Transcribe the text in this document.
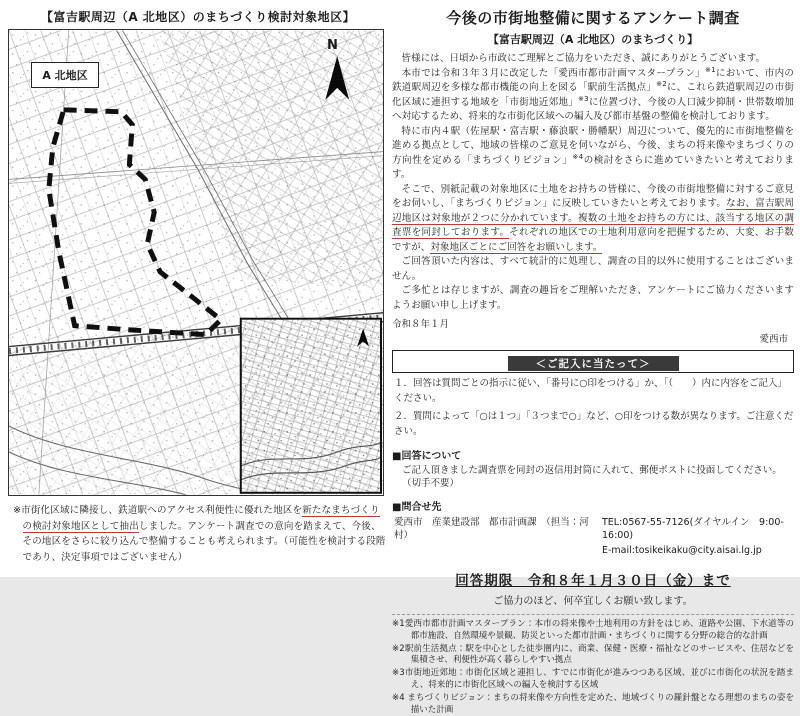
【富吉駅周辺（A 北地区）のまちづくり検討対象地区】
A 北地区
N
※市街化区域に隣接し、鉄道駅へのアクセス利便性に優れた地区を新たなまちづくりの検討対象地区として抽出しました。アンケート調査での意向を踏まえて、今後、その地区をさらに絞り込んで整備することも考えられます。（可能性を検討する段階であり、決定事項ではございません）
今後の市街地整備に関するアンケート調査
【富吉駅周辺（A 北地区）のまちづくり】

皆様には、日頃から市政にご理解とご協力をいただき、誠にありがとうございます。

本市では令和３年３月に改定した「愛西市都市計画マスタープラン」$^{※1}$において、市内の鉄道駅周辺を多様な都市機能の向上を図る「駅前生活拠点」$^{※2}$に、これら鉄道駅周辺の市街化区域に連担する地域を「市街地近郊地」$^{※3}$に位置づけ、今後の人口減少抑制・世帯数増加へ対応するため、将来的な市街化区域への編入及び都市基盤の整備を検討しております。

特に市内４駅（佐屋駅・富吉駅・藤浪駅・勝幡駅）周辺について、優先的に市街地整備を進める拠点として、地域の皆様のご意見を伺いながら、今後、まちの将来像やまちづくりの方向性を定める「まちづくりビジョン」$^{※4}$の検討をさらに進めていきたいと考えております。

そこで、別紙記載の対象地区に土地をお持ちの皆様に、今後の市街地整備に対するご意見をお伺いし、「まちづくりビジョン」に反映していきたいと考えております。なお、富吉駅周辺地区は対象地が２つに分かれています。複数の土地をお持ちの方には、該当する地区の調査票を同封しております。それぞれの地区での土地利用意向を把握するため、大変、お手数ですが、対象地区ごとにご回答をお願いします。

ご回答頂いた内容は、すべて統計的に処理し、調査の目的以外に使用することはございません。

ご多忙とは存じますが、調査の趣旨をご理解いただき、アンケートにご協力くださいますようお願い申し上げます。

令和８年１月
愛西市
＜ご記入に当たって＞
１．回答は質問ごとの指示に従い、「番号に○印をつける」か、「（　　）内に内容をご記入」ください。
２．質問によって「○は１つ」「３つまで○」など、○印をつける数が異なります。ご注意ください。
■回答について
ご記入頂きました調査票を同封の返信用封筒に入れて、郵便ポストに投函してください。（切手不要）
■問合せ先
愛西市　産業建設部　都市計画課　（担当：河村）
TEL:0567-55-7126(ダイヤルイン　9:00-16:00)
E-mail:tosikeikaku@city.aisai.lg.jp
回答期限　令和８年１月３０日（金）まで
ご協力のほど、何卒宜しくお願い致します。
※1愛西市都市計画マスタープラン：本市の将来像や土地利用の方針をはじめ、道路や公園、下水道等の都市施設、自然環境や景観、防災といった都市計画・まちづくりに関する分野の総合的な計画
※2駅前生活拠点：駅を中心とした徒歩圏内に、商業、保健・医療・福祉などのサービスや、住居などを集積させ、利便性が高く暮らしやすい拠点
※3市街地近郊地：市街化区域と連担し、すでに市街化が進みつつある区域、並びに市街化の状況を踏まえ、将来的に市街化区域への編入を検討する区域
※4 まちづくりビジョン：まちの将来像や方向性を定めた、地域づくりの羅針盤となる理想のまちの姿を描いた計画
